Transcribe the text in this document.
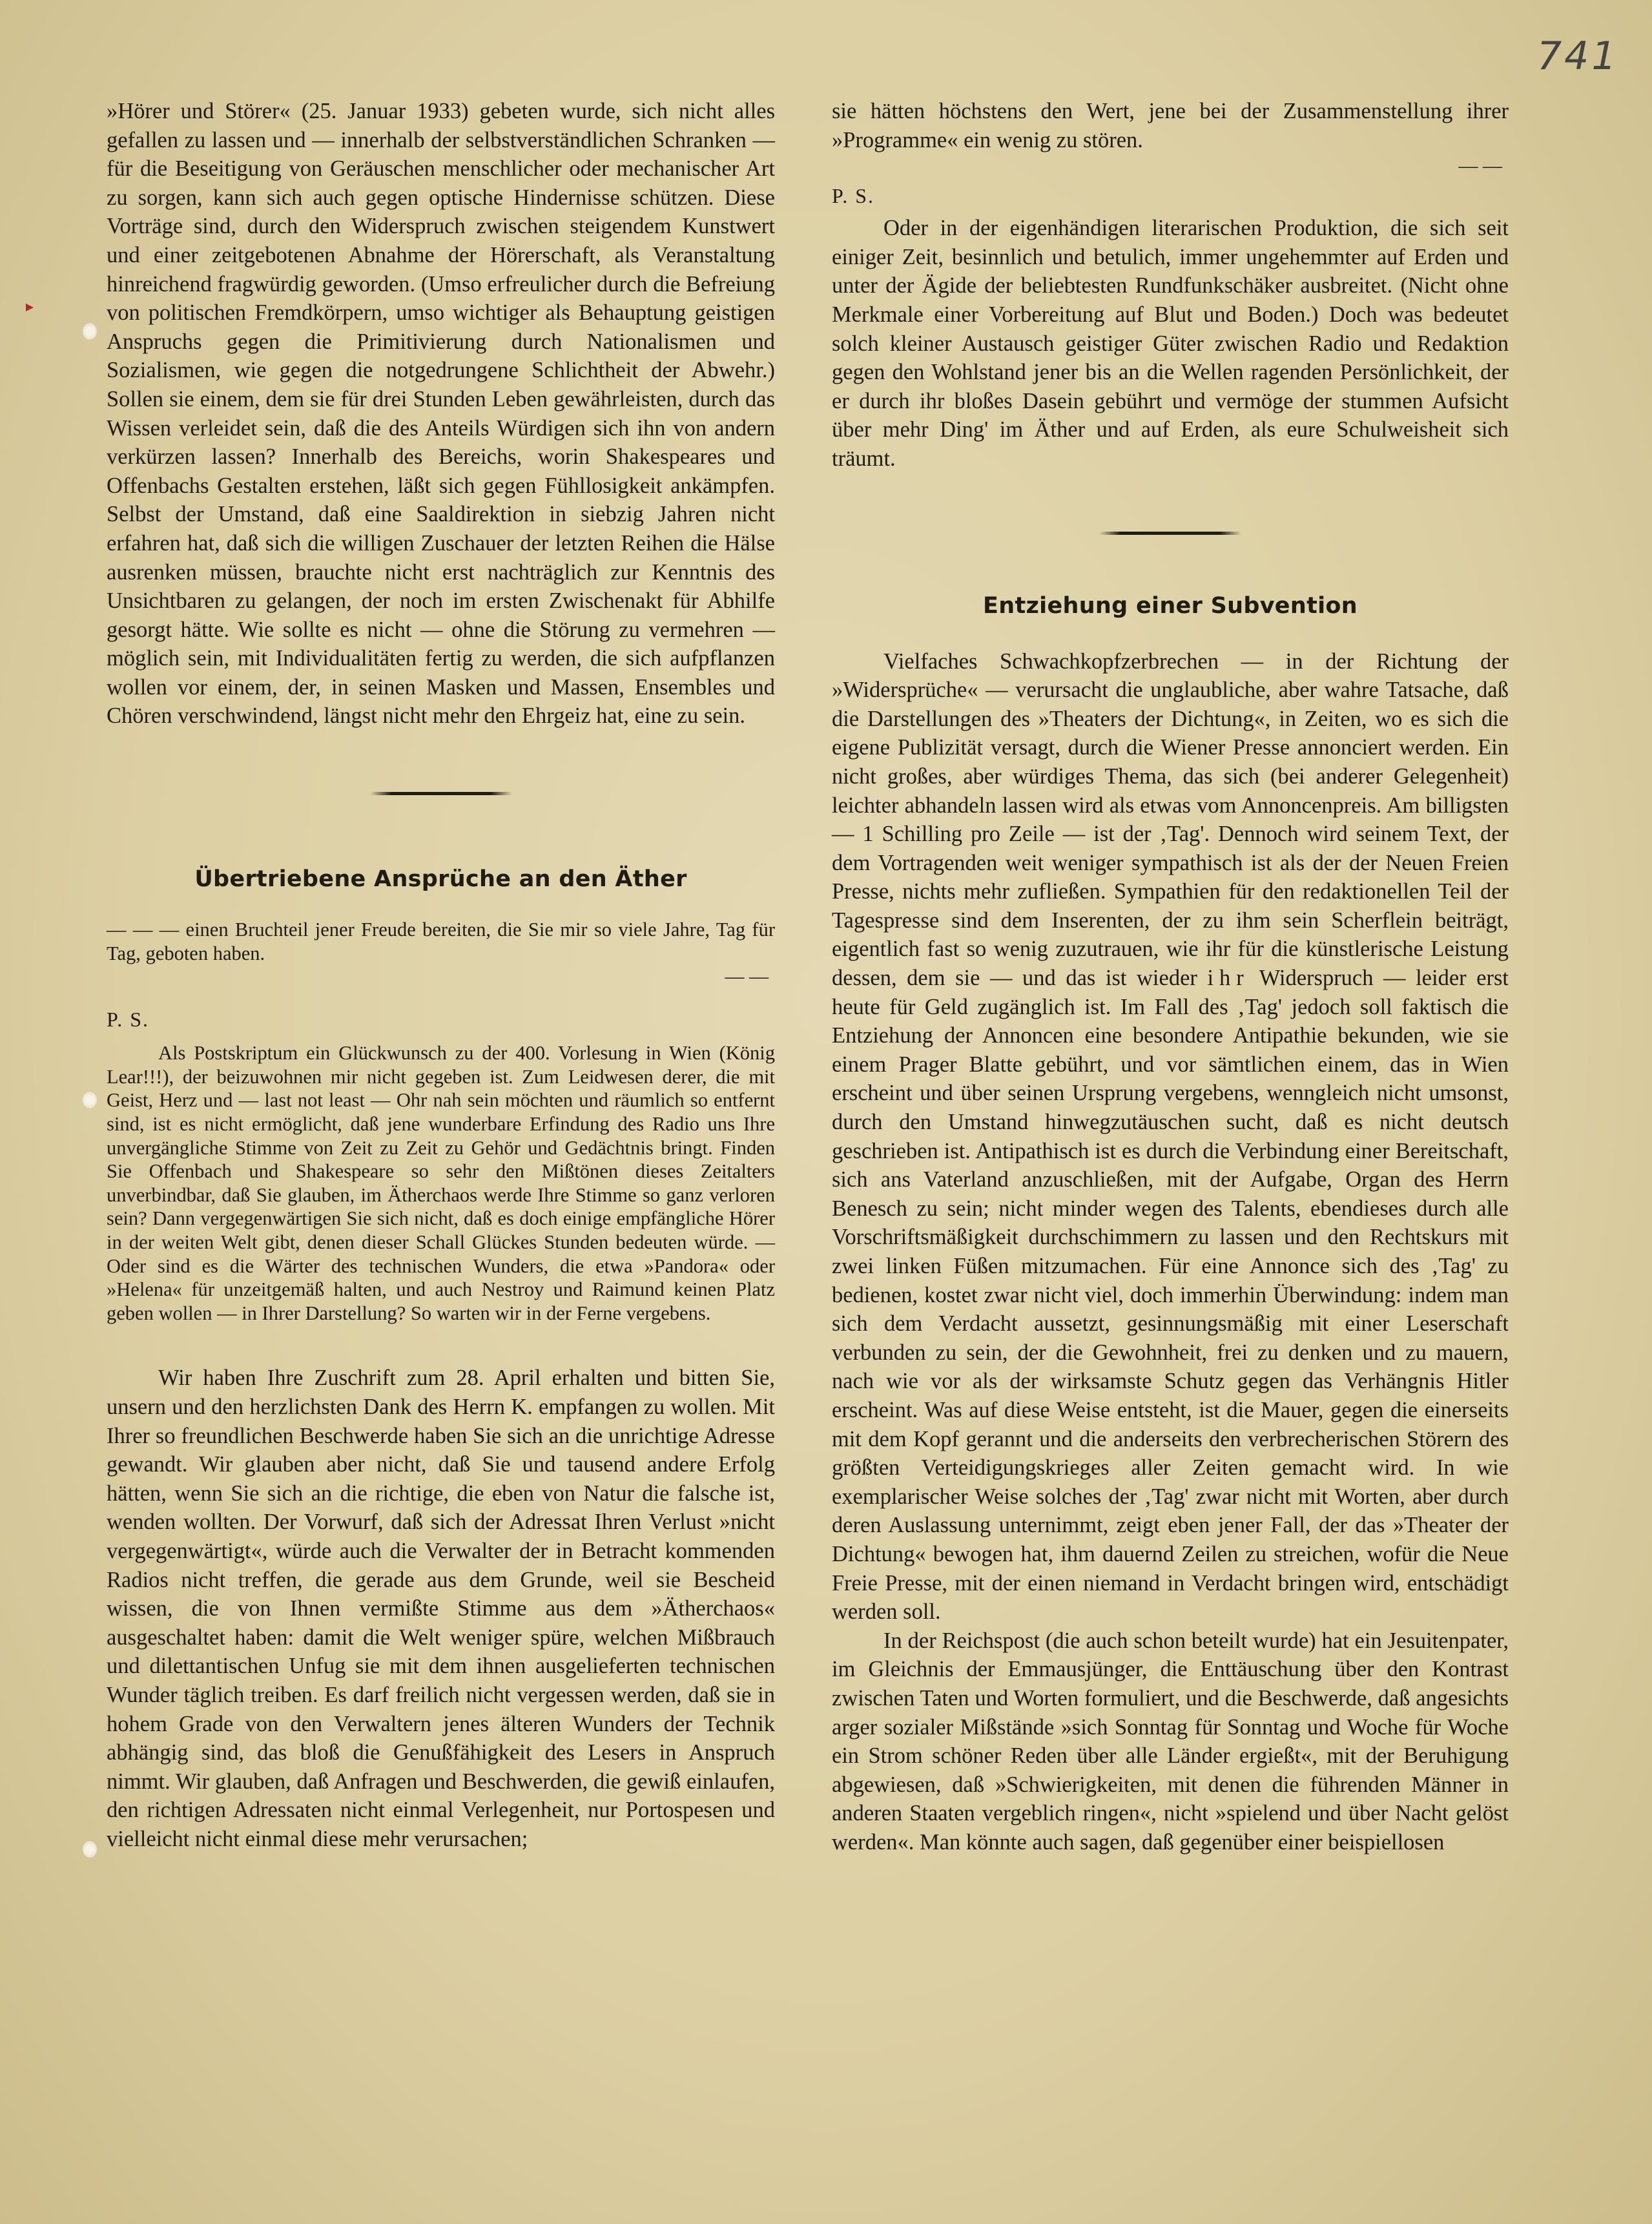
741

»Hörer und Störer« (25. Januar 1933) gebeten wurde, sich nicht alles gefallen zu lassen und — innerhalb der selbstverständlichen Schranken — für die Beseitigung von Geräuschen menschlicher oder mechanischer Art zu sorgen, kann sich auch gegen optische Hindernisse schützen. Diese Vorträge sind, durch den Widerspruch zwischen steigendem Kunstwert und einer zeitgebotenen Abnahme der Hörerschaft, als Veranstaltung hinreichend fragwürdig geworden. (Umso erfreulicher durch die Befreiung von politischen Fremdkörpern, umso wichtiger als Behauptung geistigen Anspruchs gegen die Primitivierung durch Nationalismen und Sozialismen, wie gegen die notgedrungene Schlichtheit der Abwehr.) Sollen sie einem, dem sie für drei Stunden Leben gewährleisten, durch das Wissen verleidet sein, daß die des Anteils Würdigen sich ihn von andern verkürzen lassen? Innerhalb des Bereichs, worin Shakespeares und Offenbachs Gestalten erstehen, läßt sich gegen Fühllosigkeit ankämpfen. Selbst der Umstand, daß eine Saaldirektion in siebzig Jahren nicht erfahren hat, daß sich die willigen Zuschauer der letzten Reihen die Hälse ausrenken müssen, brauchte nicht erst nachträglich zur Kenntnis des Unsichtbaren zu gelangen, der noch im ersten Zwischenakt für Abhilfe gesorgt hätte. Wie sollte es nicht — ohne die Störung zu vermehren — möglich sein, mit Individualitäten fertig zu werden, die sich aufpflanzen wollen vor einem, der, in seinen Masken und Massen, Ensembles und Chören verschwindend, längst nicht mehr den Ehrgeiz hat, eine zu sein.

Übertriebene Ansprüche an den Äther

— — — einen Bruchteil jener Freude bereiten, die Sie mir so viele Jahre, Tag für Tag, geboten haben.

— —
P. S.

Als Postskriptum ein Glückwunsch zu der 400. Vorlesung in Wien (König Lear!!!), der beizuwohnen mir nicht gegeben ist. Zum Leidwesen derer, die mit Geist, Herz und — last not least — Ohr nah sein möchten und räumlich so entfernt sind, ist es nicht ermöglicht, daß jene wunderbare Erfindung des Radio uns Ihre unvergängliche Stimme von Zeit zu Zeit zu Gehör und Gedächtnis bringt. Finden Sie Offenbach und Shakespeare so sehr den Mißtönen dieses Zeitalters unverbindbar, daß Sie glauben, im Ätherchaos werde Ihre Stimme so ganz verloren sein? Dann vergegenwärtigen Sie sich nicht, daß es doch einige empfängliche Hörer in der weiten Welt gibt, denen dieser Schall Glückes Stunden bedeuten würde. — Oder sind es die Wärter des technischen Wunders, die etwa »Pandora« oder »Helena« für unzeitgemäß halten, und auch Nestroy und Raimund keinen Platz geben wollen — in Ihrer Darstellung? So warten wir in der Ferne vergebens.

Wir haben Ihre Zuschrift zum 28. April erhalten und bitten Sie, unsern und den herzlichsten Dank des Herrn K. empfangen zu wollen. Mit Ihrer so freundlichen Beschwerde haben Sie sich an die unrichtige Adresse gewandt. Wir glauben aber nicht, daß Sie und tausend andere Erfolg hätten, wenn Sie sich an die richtige, die eben von Natur die falsche ist, wenden wollten. Der Vorwurf, daß sich der Adressat Ihren Verlust »nicht vergegenwärtigt«, würde auch die Verwalter der in Betracht kommenden Radios nicht treffen, die gerade aus dem Grunde, weil sie Bescheid wissen, die von Ihnen vermißte Stimme aus dem »Ätherchaos« ausgeschaltet haben: damit die Welt weniger spüre, welchen Mißbrauch und dilettantischen Unfug sie mit dem ihnen ausgelieferten technischen Wunder täglich treiben. Es darf freilich nicht vergessen werden, daß sie in hohem Grade von den Verwaltern jenes älteren Wunders der Technik abhängig sind, das bloß die Genußfähigkeit des Lesers in Anspruch nimmt. Wir glauben, daß Anfragen und Beschwerden, die gewiß einlaufen, den richtigen Adressaten nicht einmal Verlegenheit, nur Portospesen und vielleicht nicht einmal diese mehr verursachen;

sie hätten höchstens den Wert, jene bei der Zusammenstellung ihrer »Programme« ein wenig zu stören.

— —
P. S.

Oder in der eigenhändigen literarischen Produktion, die sich seit einiger Zeit, besinnlich und betulich, immer ungehemmter auf Erden und unter der Ägide der beliebtesten Rundfunkschäker ausbreitet. (Nicht ohne Merkmale einer Vorbereitung auf Blut und Boden.) Doch was bedeutet solch kleiner Austausch geistiger Güter zwischen Radio und Redaktion gegen den Wohlstand jener bis an die Wellen ragenden Persönlichkeit, der er durch ihr bloßes Dasein gebührt und vermöge der stummen Aufsicht über mehr Ding' im Äther und auf Erden, als eure Schulweisheit sich träumt.

Entziehung einer Subvention

Vielfaches Schwachkopfzerbrechen — in der Richtung der »Widersprüche« — verursacht die unglaubliche, aber wahre Tatsache, daß die Darstellungen des »Theaters der Dichtung«, in Zeiten, wo es sich die eigene Publizität versagt, durch die Wiener Presse annonciert werden. Ein nicht großes, aber würdiges Thema, das sich (bei anderer Gelegenheit) leichter abhandeln lassen wird als etwas vom Annoncenpreis. Am billigsten — 1 Schilling pro Zeile — ist der ‚Tag'. Dennoch wird seinem Text, der dem Vortragenden weit weniger sympathisch ist als der der Neuen Freien Presse, nichts mehr zufließen. Sympathien für den redaktionellen Teil der Tagespresse sind dem Inserenten, der zu ihm sein Scherflein beiträgt, eigentlich fast so wenig zuzutrauen, wie ihr für die künstlerische Leistung dessen, dem sie — und das ist wieder ihr Widerspruch — leider erst heute für Geld zugänglich ist. Im Fall des ‚Tag' jedoch soll faktisch die Entziehung der Annoncen eine besondere Antipathie bekunden, wie sie einem Prager Blatte gebührt, und vor sämtlichen einem, das in Wien erscheint und über seinen Ursprung vergebens, wenngleich nicht umsonst, durch den Umstand hinwegzutäuschen sucht, daß es nicht deutsch geschrieben ist. Antipathisch ist es durch die Verbindung einer Bereitschaft, sich ans Vaterland anzuschließen, mit der Aufgabe, Organ des Herrn Benesch zu sein; nicht minder wegen des Talents, ebendieses durch alle Vorschriftsmäßigkeit durchschimmern zu lassen und den Rechtskurs mit zwei linken Füßen mitzumachen. Für eine Annonce sich des ‚Tag' zu bedienen, kostet zwar nicht viel, doch immerhin Überwindung: indem man sich dem Verdacht aussetzt, gesinnungsmäßig mit einer Leserschaft verbunden zu sein, der die Gewohnheit, frei zu denken und zu mauern, nach wie vor als der wirksamste Schutz gegen das Verhängnis Hitler erscheint. Was auf diese Weise entsteht, ist die Mauer, gegen die einerseits mit dem Kopf gerannt und die anderseits den verbrecherischen Störern des größten Verteidigungskrieges aller Zeiten gemacht wird. In wie exemplarischer Weise solches der ‚Tag' zwar nicht mit Worten, aber durch deren Auslassung unternimmt, zeigt eben jener Fall, der das »Theater der Dichtung« bewogen hat, ihm dauernd Zeilen zu streichen, wofür die Neue Freie Presse, mit der einen niemand in Verdacht bringen wird, entschädigt werden soll.

In der Reichspost (die auch schon beteilt wurde) hat ein Jesuitenpater, im Gleichnis der Emmausjünger, die Enttäuschung über den Kontrast zwischen Taten und Worten formuliert, und die Beschwerde, daß angesichts arger sozialer Mißstände »sich Sonntag für Sonntag und Woche für Woche ein Strom schöner Reden über alle Länder ergießt«, mit der Beruhigung abgewiesen, daß »Schwierigkeiten, mit denen die führenden Männer in anderen Staaten vergeblich ringen«, nicht »spielend und über Nacht gelöst werden«. Man könnte auch sagen, daß gegenüber einer beispiellosen
